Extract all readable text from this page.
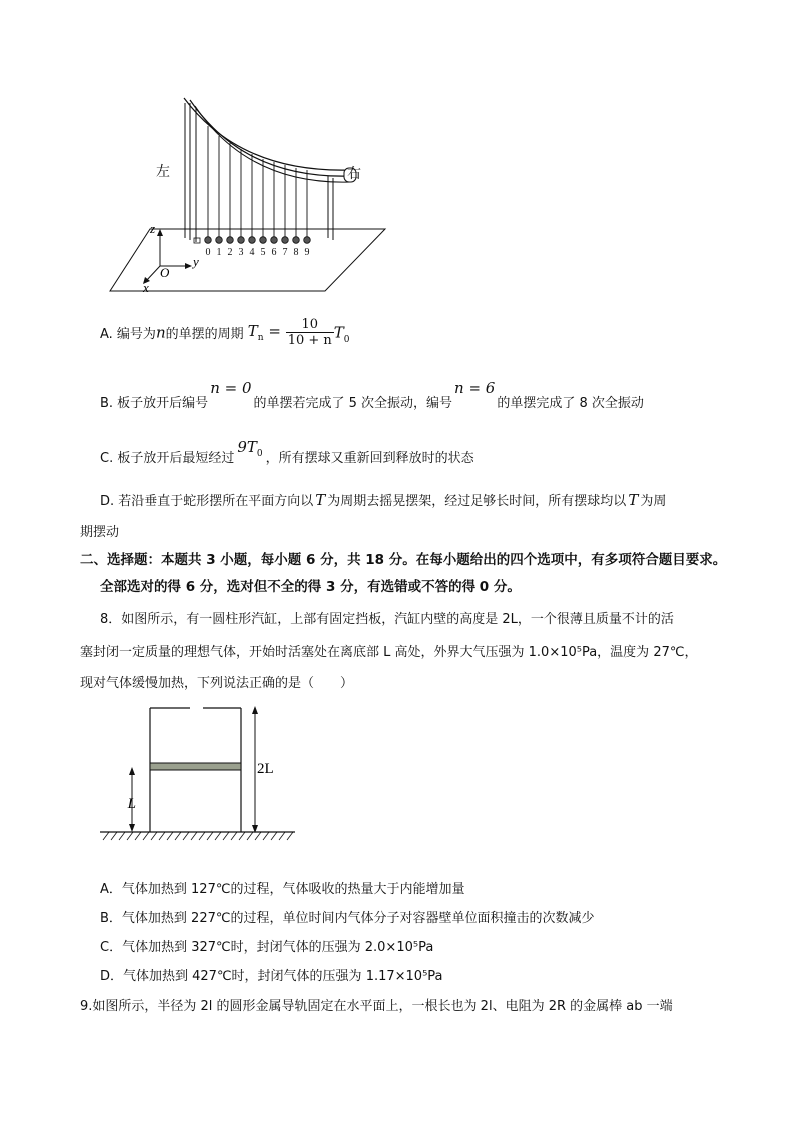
0 1 2 3 4 5 6 7 8 9
z
y
x
O
左	右
A. 编号为n的单摆的周期 $T_n = \frac{10}{10 + n} T_0$
B. 板子放开后编号n = 0的单摆若完成了 5 次全振动，编号n = 6的单摆完成了 8 次全振动
C. 板子放开后最短经过$9T_0$ ，所有摆球又重新回到释放时的状态
D. 若沿垂直于蛇形摆所在平面方向以 T 为周期去摇晃摆架，经过足够长时间，所有摆球均以 T 为周
期摆动
二、选择题：本题共 3 小题，每小题 6 分，共 18 分。在每小题给出的四个选项中，有多项符合题目要求。
全部选对的得 6 分，选对但不全的得 3 分，有选错或不答的得 0 分。
8．如图所示，有一圆柱形汽缸，上部有固定挡板，汽缸内壁的高度是 2L，一个很薄且质量不计的活
塞封闭一定质量的理想气体，开始时活塞处在离底部 L 高处，外界大气压强为 1.0×10⁵Pa，温度为 27℃，
现对气体缓慢加热，下列说法正确的是（　　）
L
2L
A．气体加热到 127℃的过程，气体吸收的热量大于内能增加量
B．气体加热到 227℃的过程，单位时间内气体分子对容器壁单位面积撞击的次数减少
C．气体加热到 327℃时，封闭气体的压强为 2.0×10⁵Pa
D．气体加热到 427℃时，封闭气体的压强为 1.17×10⁵Pa
9.如图所示，半径为 2l 的圆形金属导轨固定在水平面上，一根长也为 2l、电阻为 2R 的金属棒 ab 一端
